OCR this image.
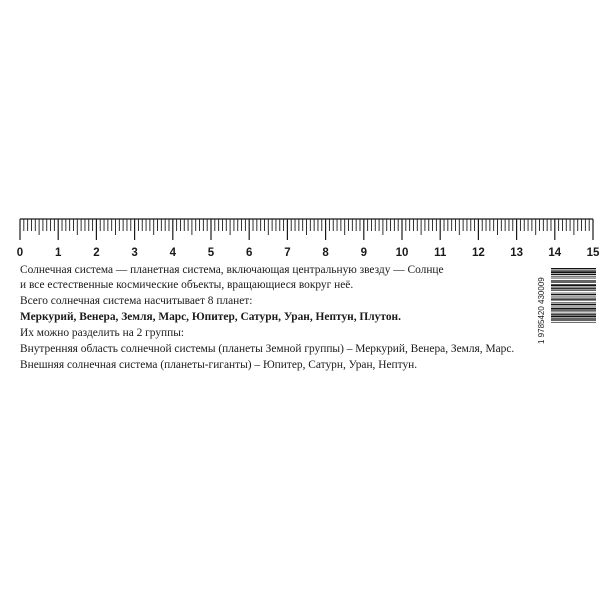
0	1	2	3	4	5	6	7	8	9 10 11 12 13 14 15

Солнечная система — планетная система, включающая центральную звезду — Солнце

и все естественные космические объекты, вращающиеся вокруг неё.

Всего солнечная система насчитывает 8 планет:

Меркурий, Венера, Земля, Марс, Юпитер, Сатурн, Уран, Нептун, Плутон.

Их можно разделить на 2 группы:

Внутренняя область солнечной системы (планеты Земной группы) – Меркурий, Венера, Земля, Марс.

Внешняя солнечная система (планеты-гиганты) – Юпитер, Сатурн, Уран, Нептун.

1 9785420 430009
